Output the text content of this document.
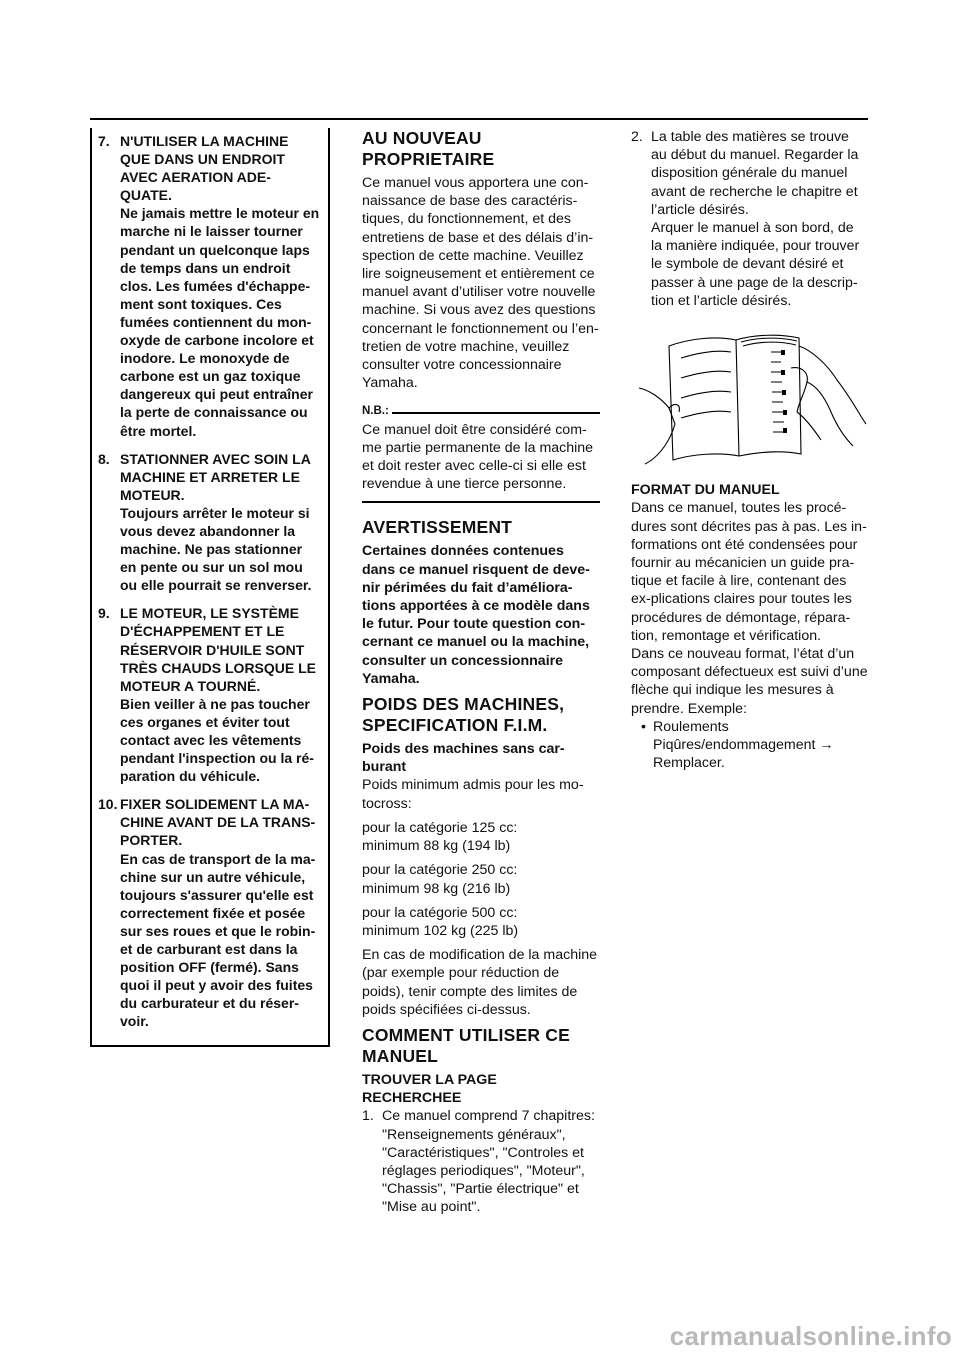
7. N'UTILISER LA MACHINE QUE DANS UN ENDROIT AVEC AERATION ADE-QUATE.
Ne jamais mettre le moteur en marche ni le laisser tourner pendant un quelconque laps de temps dans un endroit clos. Les fumées d'échappe-ment sont toxiques. Ces fumées contiennent du mon-oxyde de carbone incolore et inodore. Le monoxyde de carbone est un gaz toxique dangereux qui peut entraîner la perte de connaissance ou être mortel.
8. STATIONNER AVEC SOIN LA MACHINE ET ARRETER LE MOTEUR.
Toujours arrêter le moteur si vous devez abandonner la machine. Ne pas stationner en pente ou sur un sol mou ou elle pourrait se renverser.
9. LE MOTEUR, LE SYSTÈME D'ÉCHAPPEMENT ET LE RÉSERVOIR D'HUILE SONT TRÈS CHAUDS LORSQUE LE MOTEUR A TOURNÉ.
Bien veiller à ne pas toucher ces organes et éviter tout contact avec les vêtements pendant l'inspection ou la ré-paration du véhicule.
10. FIXER SOLIDEMENT LA MA-CHINE AVANT DE LA TRANS-PORTER.
En cas de transport de la ma-chine sur un autre véhicule, toujours s'assurer qu'elle est correctement fixée et posée sur ses roues et que le robin-et de carburant est dans la position OFF (fermé). Sans quoi il peut y avoir des fuites du carburateur et du réser-voir.
AU NOUVEAU PROPRIETAIRE

Ce manuel vous apportera une con-naissance de base des caractéris-tiques, du fonctionnement, et des entretiens de base et des délais d’in-spection de cette machine. Veuillez lire soigneusement et entièrement ce manuel avant d’utiliser votre nouvelle machine. Si vous avez des questions concernant le fonctionnement ou l’en-tretien de votre machine, veuillez consulter votre concessionnaire Yamaha.

N.B.:

Ce manuel doit être considéré com-me partie permanente de la machine et doit rester avec celle-ci si elle est revendue à une tierce personne.

AVERTISSEMENT

Certaines données contenues dans ce manuel risquent de deve-nir périmées du fait d’améliora-tions apportées à ce modèle dans le futur. Pour toute question con-cernant ce manuel ou la machine, consulter un concessionnaire Yamaha.

POIDS DES MACHINES, SPECIFICATION F.I.M.
Poids des machines sans car-burant

Poids minimum admis pour les mo-tocross:

pour la catégorie 125 cc:
minimum 88 kg (194 lb)

pour la catégorie 250 cc:
minimum 98 kg (216 lb)

pour la catégorie 500 cc:
minimum 102 kg (225 lb)

En cas de modification de la machine (par exemple pour réduction de poids), tenir compte des limites de poids spécifiées ci-dessus.

COMMENT UTILISER CE MANUEL
TROUVER LA PAGE RECHERCHEE
1. Ce manuel comprend 7 chapitres: "Renseignements généraux", "Caractéristiques", "Controles et réglages periodiques", "Moteur", "Chassis", "Partie électrique" et "Mise au point".
2. La table des matières se trouve au début du manuel. Regarder la disposition générale du manuel avant de recherche le chapitre et l’article désirés.
Arquer le manuel à son bord, de la manière indiquée, pour trouver le symbole de devant désiré et passer à une page de la descrip-tion et l’article désirés.
FORMAT DU MANUEL
Dans ce manuel, toutes les procé-dures sont décrites pas à pas. Les in-formations ont été condensées pour fournir au mécanicien un guide pra-tique et facile à lire, contenant des ex-plications claires pour toutes les procédures de démontage, répara-tion, remontage et vérification.
Dans ce nouveau format, l’état d’un composant défectueux est suivi d’une flèche qui indique les mesures à prendre. Exemple:
• Roulements
Piqûres/endommagement →
Remplacer.
carmanualsonline.info
